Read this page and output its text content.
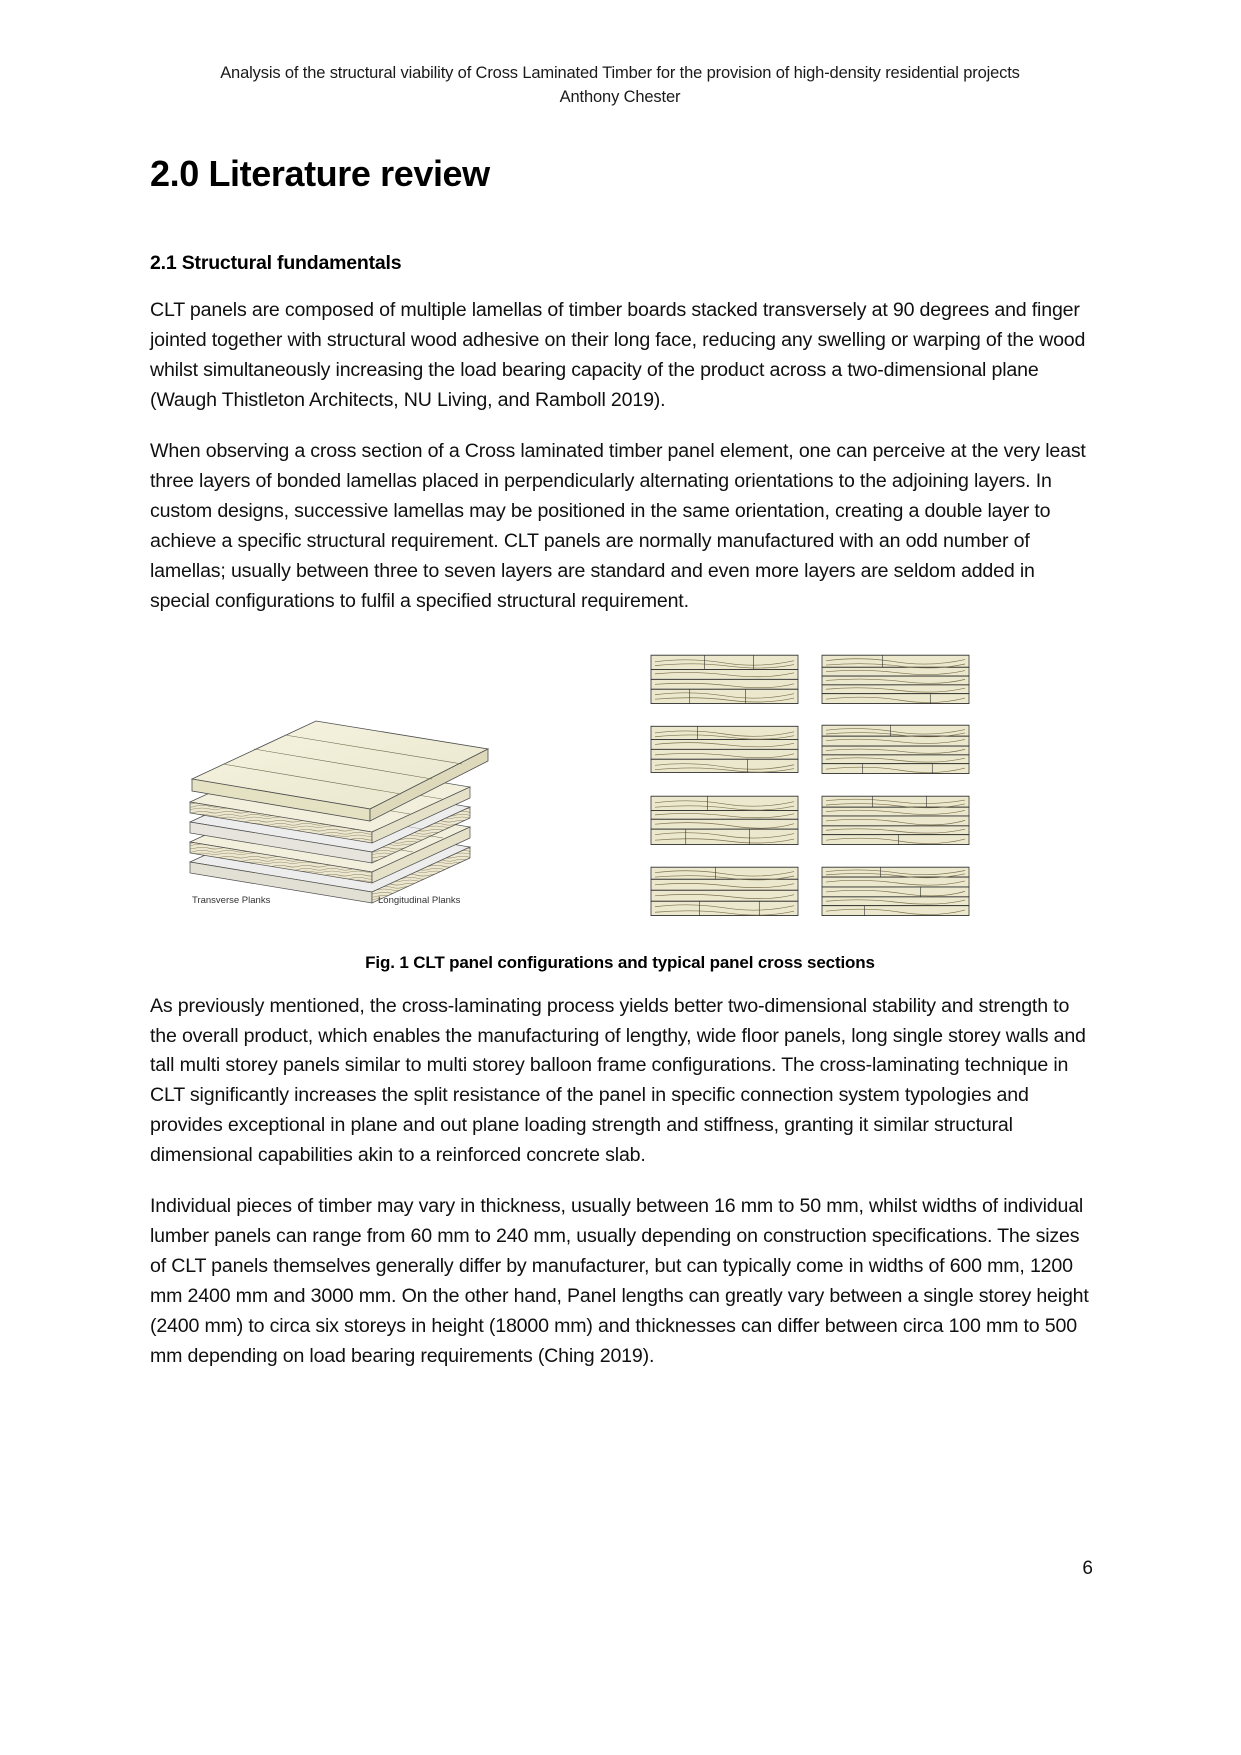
Analysis of the structural viability of Cross Laminated Timber for the provision of high-density residential projects
Anthony Chester
2.0 Literature review
2.1 Structural fundamentals

CLT panels are composed of multiple lamellas of timber boards stacked transversely at 90 degrees and finger jointed together with structural wood adhesive on their long face, reducing any swelling or warping of the wood whilst simultaneously increasing the load bearing capacity of the product across a two-dimensional plane (Waugh Thistleton Architects, NU Living, and Ramboll 2019).

When observing a cross section of a Cross laminated timber panel element, one can perceive at the very least three layers of bonded lamellas placed in perpendicularly alternating orientations to the adjoining layers. In custom designs, successive lamellas may be positioned in the same orientation, creating a double layer to achieve a specific structural requirement. CLT panels are normally manufactured with an odd number of lamellas; usually between three to seven layers are standard and even more layers are seldom added in special configurations to fulfil a specified structural requirement.

Transverse Planks	Longitudinal Planks
Fig. 1 CLT panel configurations and typical panel cross sections

As previously mentioned, the cross-laminating process yields better two-dimensional stability and strength to the overall product, which enables the manufacturing of lengthy, wide floor panels, long single storey walls and tall multi storey panels similar to multi storey balloon frame configurations. The cross-laminating technique in CLT significantly increases the split resistance of the panel in specific connection system typologies and provides exceptional in plane and out plane loading strength and stiffness, granting it similar structural dimensional capabilities akin to a reinforced concrete slab.

Individual pieces of timber may vary in thickness, usually between 16 mm to 50 mm, whilst widths of individual lumber panels can range from 60 mm to 240 mm, usually depending on construction specifications. The sizes of CLT panels themselves generally differ by manufacturer, but can typically come in widths of 600 mm, 1200 mm 2400 mm and 3000 mm. On the other hand, Panel lengths can greatly vary between a single storey height (2400 mm) to circa six storeys in height (18000 mm) and thicknesses can differ between circa 100 mm to 500 mm depending on load bearing requirements (Ching 2019).

6
